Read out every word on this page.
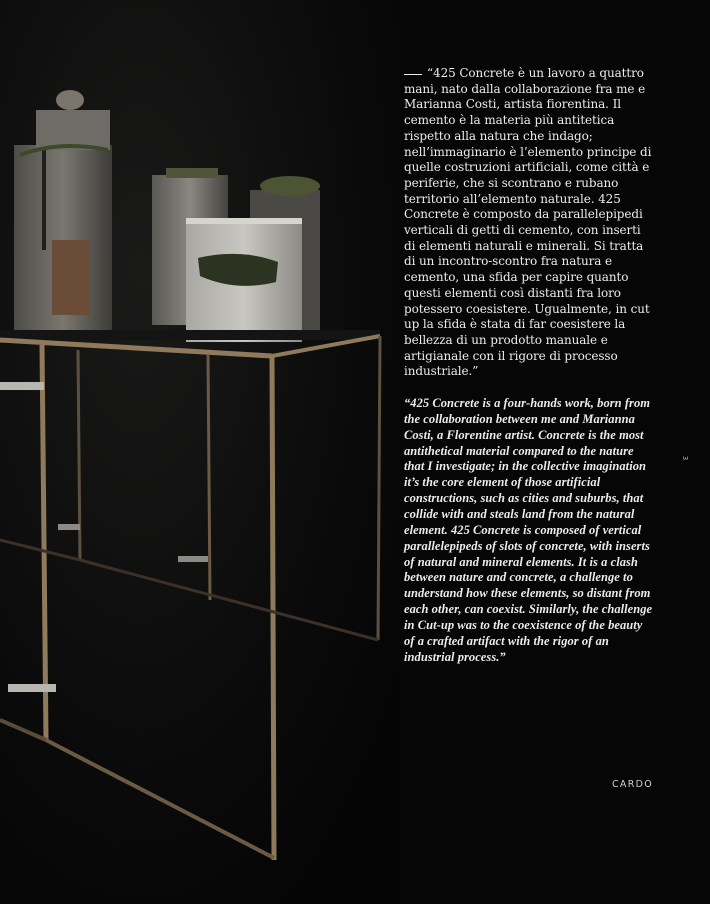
“425 Concrete è un lavoro a quattro mani, nato dalla collaborazione fra me e Marianna Costi, artista fiorentina. Il cemento è la materia più antitetica rispetto alla natura che indago; nell’immaginario è l’elemento principe di quelle costruzioni artificiali, come città e periferie, che si scontrano e rubano territorio all’elemento naturale. 425 Concrete è composto da parallelepipedi verticali di getti di cemento, con inserti di elementi naturali e minerali. Si tratta di un incontro-scontro fra natura e cemento, una sfida per capire quanto questi elementi così distanti fra loro potessero coesistere. Ugualmente, in cut up la sfida è stata di far coesistere la bellezza di un prodotto manuale e artigianale con il rigore di processo industriale.”

“425 Concrete is a four-hands work, born from the collaboration between me and Marianna Costi, a Florentine artist. Concrete is the most antithetical material compared to the nature that I investigate; in the collective imagination it’s the core element of those artificial constructions, such as cities and suburbs, that collide with and steals land from the natural element. 425 Concrete is composed of vertical parallelepipeds of slots of concrete, with inserts of natural and mineral elements. It is a clash between nature and concrete, a challenge to understand how these elements, so distant from each other, can coexist. Similarly, the challenge in Cut-up was to the coexistence of the beauty of a crafted artifact with the rigor of an industrial process.”

3
CARDO
